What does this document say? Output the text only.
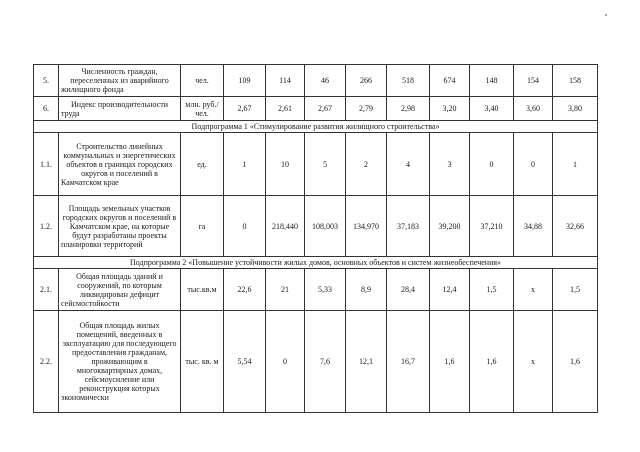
5.	Численность граждан, переселенных из аварийного жилищного фонда	чел.	109	114	46	266	518	674	148	154	158
6.	Индекс производительности труда	млн. руб./чел.	2,67	2,61	2,67	2,79	2,98	3,20	3,40	3,60	3,80
Подпрограмма 1 «Стимулирование развития жилищного строительства»											
1.1.	Строительство линейных коммунальных и энергетических объектов в границах городских округов и поселений в Камчатском крае	ед.	1	10	5	2	4	3	0	0	1
1.2.	Площадь земельных участков городских округов и поселений в Камчатском крае, на которые будут разработаны проекты планировки территорий	га	0	218,440	108,003	134,970	37,183	39,200	37,210	34,88	32,66
Подпрограмма 2 «Повышение устойчивости жилых домов, основных объектов и систем жизнеобеспечения»											
2.1.	Общая площадь зданий и сооружений, по которым ликвидирован дефицит сейсмостойкости	тыс.кв.м	22,6	21	5,33	8,9	28,4	12,4	1,5	x	1,5
2.2.	Общая площадь жилых помещений, введенных в эксплуатацию для последующего предоставления гражданам, проживающим в многоквартирных домах, сейсмоусиление или реконструкция которых экономически	тыс. кв. м	5,54	0	7,6	12,1	16,7	1,6	1,6	x	1,6
